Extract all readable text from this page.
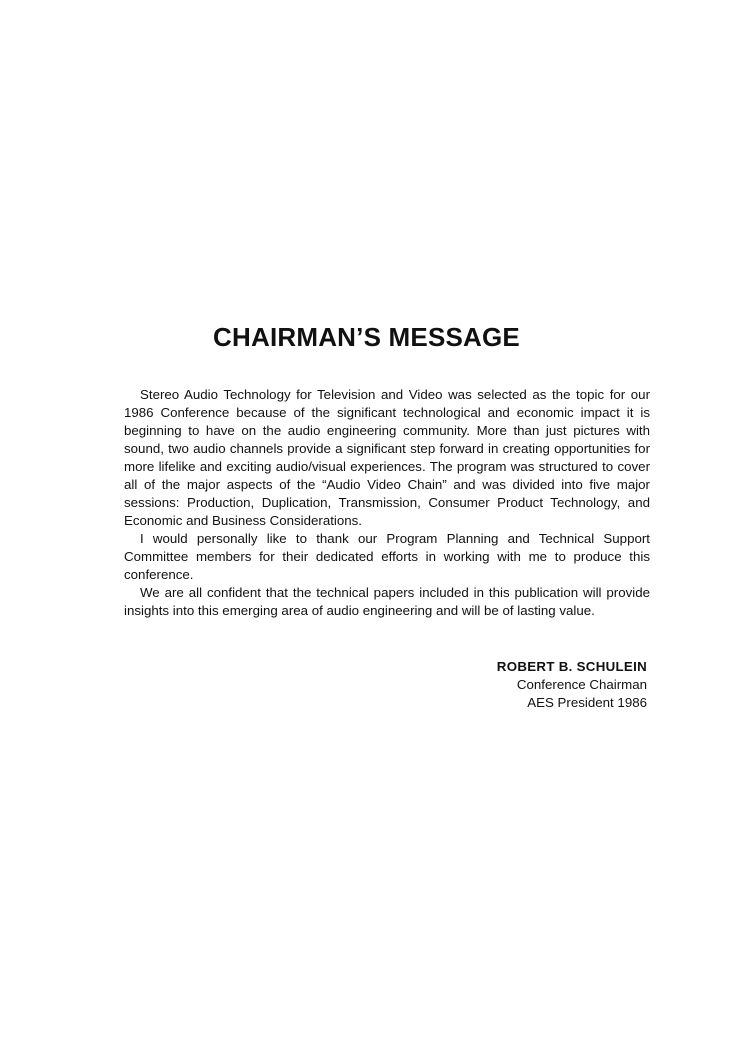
CHAIRMAN’S MESSAGE

Stereo Audio Technology for Television and Video was selected as the topic for our 1986 Conference because of the significant technological and economic impact it is beginning to have on the audio engineering community. More than just pictures with sound, two audio channels provide a significant step forward in creating opportunities for more lifelike and exciting audio/visual experiences. The program was structured to cover all of the major aspects of the “Audio Video Chain” and was divided into five major sessions: Production, Duplication, Transmission, Consumer Product Technology, and Economic and Business Considerations.

I would personally like to thank our Program Planning and Technical Support Committee members for their dedicated efforts in working with me to produce this conference.

We are all confident that the technical papers included in this publication will provide insights into this emerging area of audio engineering and will be of lasting value.

ROBERT B. SCHULEIN
Conference Chairman
AES President 1986
